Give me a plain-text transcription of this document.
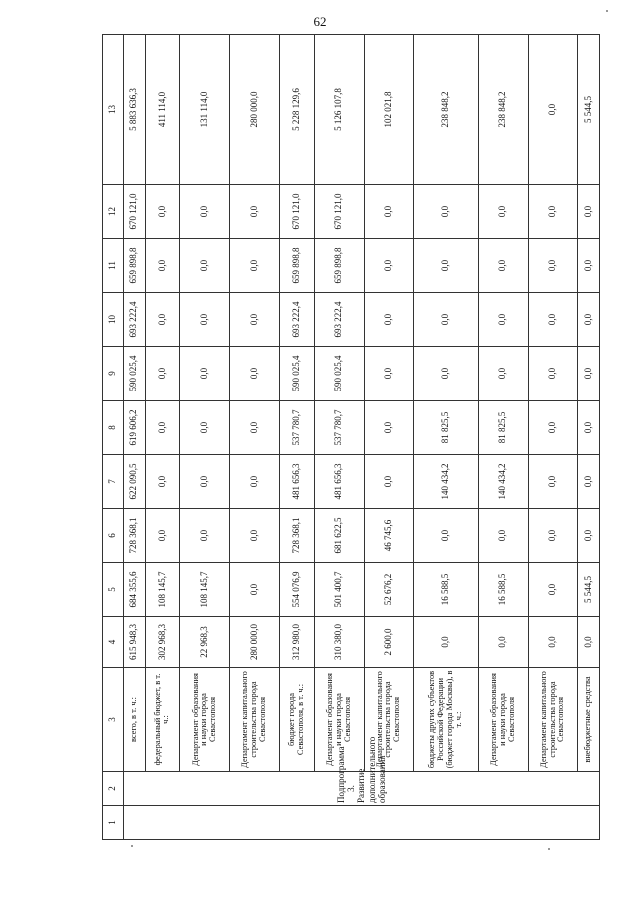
62
1	2	3	4	5	6	7	8	9	10	11	12	13
	Подпрограмма 3. Развитие дополнительного образования	всего, в т. ч.:	615 948,3	684 355,6	728 368,1	622 090,5	619 606,2	590 025,4	693 222,4	659 898,8	670 121,0	5 883 636,3
		федеральный бюджет, в т. ч.:	302 968,3	108 145,7	0,0	0,0	0,0	0,0	0,0	0,0	0,0	411 114,0
		Департамент образования и науки города Севастополя	22 968,3	108 145,7	0,0	0,0	0,0	0,0	0,0	0,0	0,0	131 114,0
		Департамент капитального строительства города Севастополя	280 000,0	0,0	0,0	0,0	0,0	0,0	0,0	0,0	0,0	280 000,0
		бюджет города Севастополя, в т. ч.:	312 980,0	554 076,9	728 368,1	481 656,3	537 780,7	590 025,4	693 222,4	659 898,8	670 121,0	5 228 129,6
		Департамент образования и науки города Севастополя	310 380,0	501 400,7	681 622,5	481 656,3	537 780,7	590 025,4	693 222,4	659 898,8	670 121,0	5 126 107,8
		Департамент капитального строительства города Севастополя	2 600,0	52 676,2	46 745,6	0,0	0,0	0,0	0,0	0,0	0,0	102 021,8
		бюджеты других субъектов Российской Федерации (бюджет города Москвы), в т. ч.:	0,0	16 588,5	0,0	140 434,2	81 825,5	0,0	0,0	0,0	0,0	238 848,2
		Департамент образования и науки города Севастополя	0,0	16 588,5	0,0	140 434,2	81 825,5	0,0	0,0	0,0	0,0	238 848,2
		Департамент капитального строительства города Севастополя	0,0	0,0	0,0	0,0	0,0	0,0	0,0	0,0	0,0	0,0
		внебюджетные средства	0,0	5 544,5	0,0	0,0	0,0	0,0	0,0	0,0	0,0	5 544,5
